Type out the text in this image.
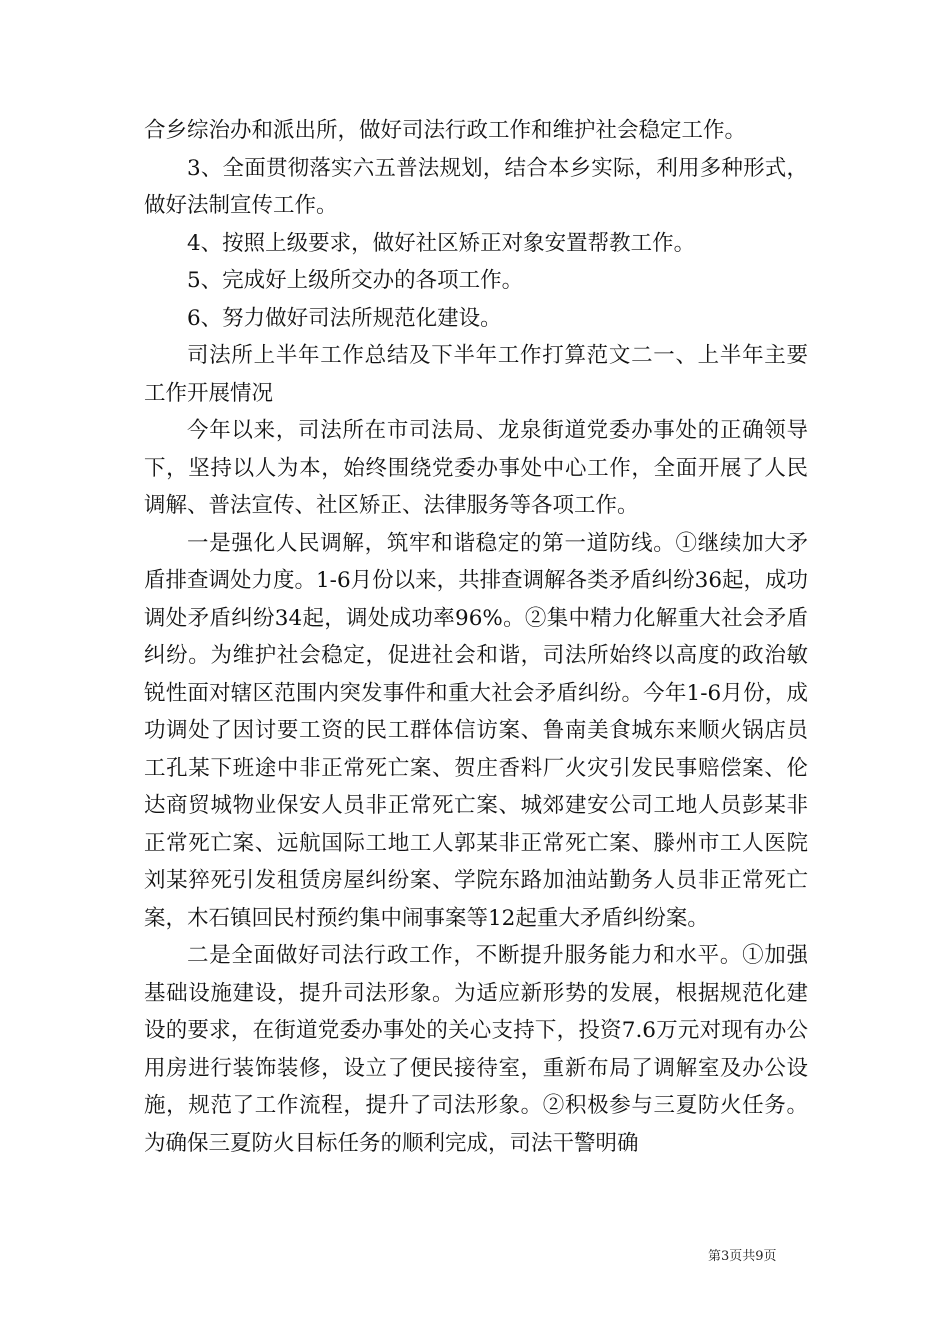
合乡综治办和派出所，做好司法行政工作和维护社会稳定工作。

3、全面贯彻落实六五普法规划，结合本乡实际，利用多种形式，做好法制宣传工作。

4、按照上级要求，做好社区矫正对象安置帮教工作。

5、完成好上级所交办的各项工作。

6、努力做好司法所规范化建设。

司法所上半年工作总结及下半年工作打算范文二一、上半年主要工作开展情况

今年以来，司法所在市司法局、龙泉街道党委办事处的正确领导下，坚持以人为本，始终围绕党委办事处中心工作，全面开展了人民调解、普法宣传、社区矫正、法律服务等各项工作。

一是强化人民调解，筑牢和谐稳定的第一道防线。①继续加大矛盾排查调处力度。1-6月份以来，共排查调解各类矛盾纠纷36起，成功调处矛盾纠纷34起，调处成功率96%。②集中精力化解重大社会矛盾纠纷。为维护社会稳定，促进社会和谐，司法所始终以高度的政治敏锐性面对辖区范围内突发事件和重大社会矛盾纠纷。今年1-6月份，成功调处了因讨要工资的民工群体信访案、鲁南美食城东来顺火锅店员工孔某下班途中非正常死亡案、贺庄香料厂火灾引发民事赔偿案、伦达商贸城物业保安人员非正常死亡案、城郊建安公司工地人员彭某非正常死亡案、远航国际工地工人郭某非正常死亡案、滕州市工人医院刘某猝死引发租赁房屋纠纷案、学院东路加油站勤务人员非正常死亡案，木石镇回民村预约集中闹事案等12起重大矛盾纠纷案。

二是全面做好司法行政工作，不断提升服务能力和水平。①加强基础设施建设，提升司法形象。为适应新形势的发展，根据规范化建设的要求，在街道党委办事处的关心支持下，投资7.6万元对现有办公用房进行装饰装修，设立了便民接待室，重新布局了调解室及办公设施，规范了工作流程，提升了司法形象。②积极参与三夏防火任务。为确保三夏防火目标任务的顺利完成，司法干警明确

第3页共9页
